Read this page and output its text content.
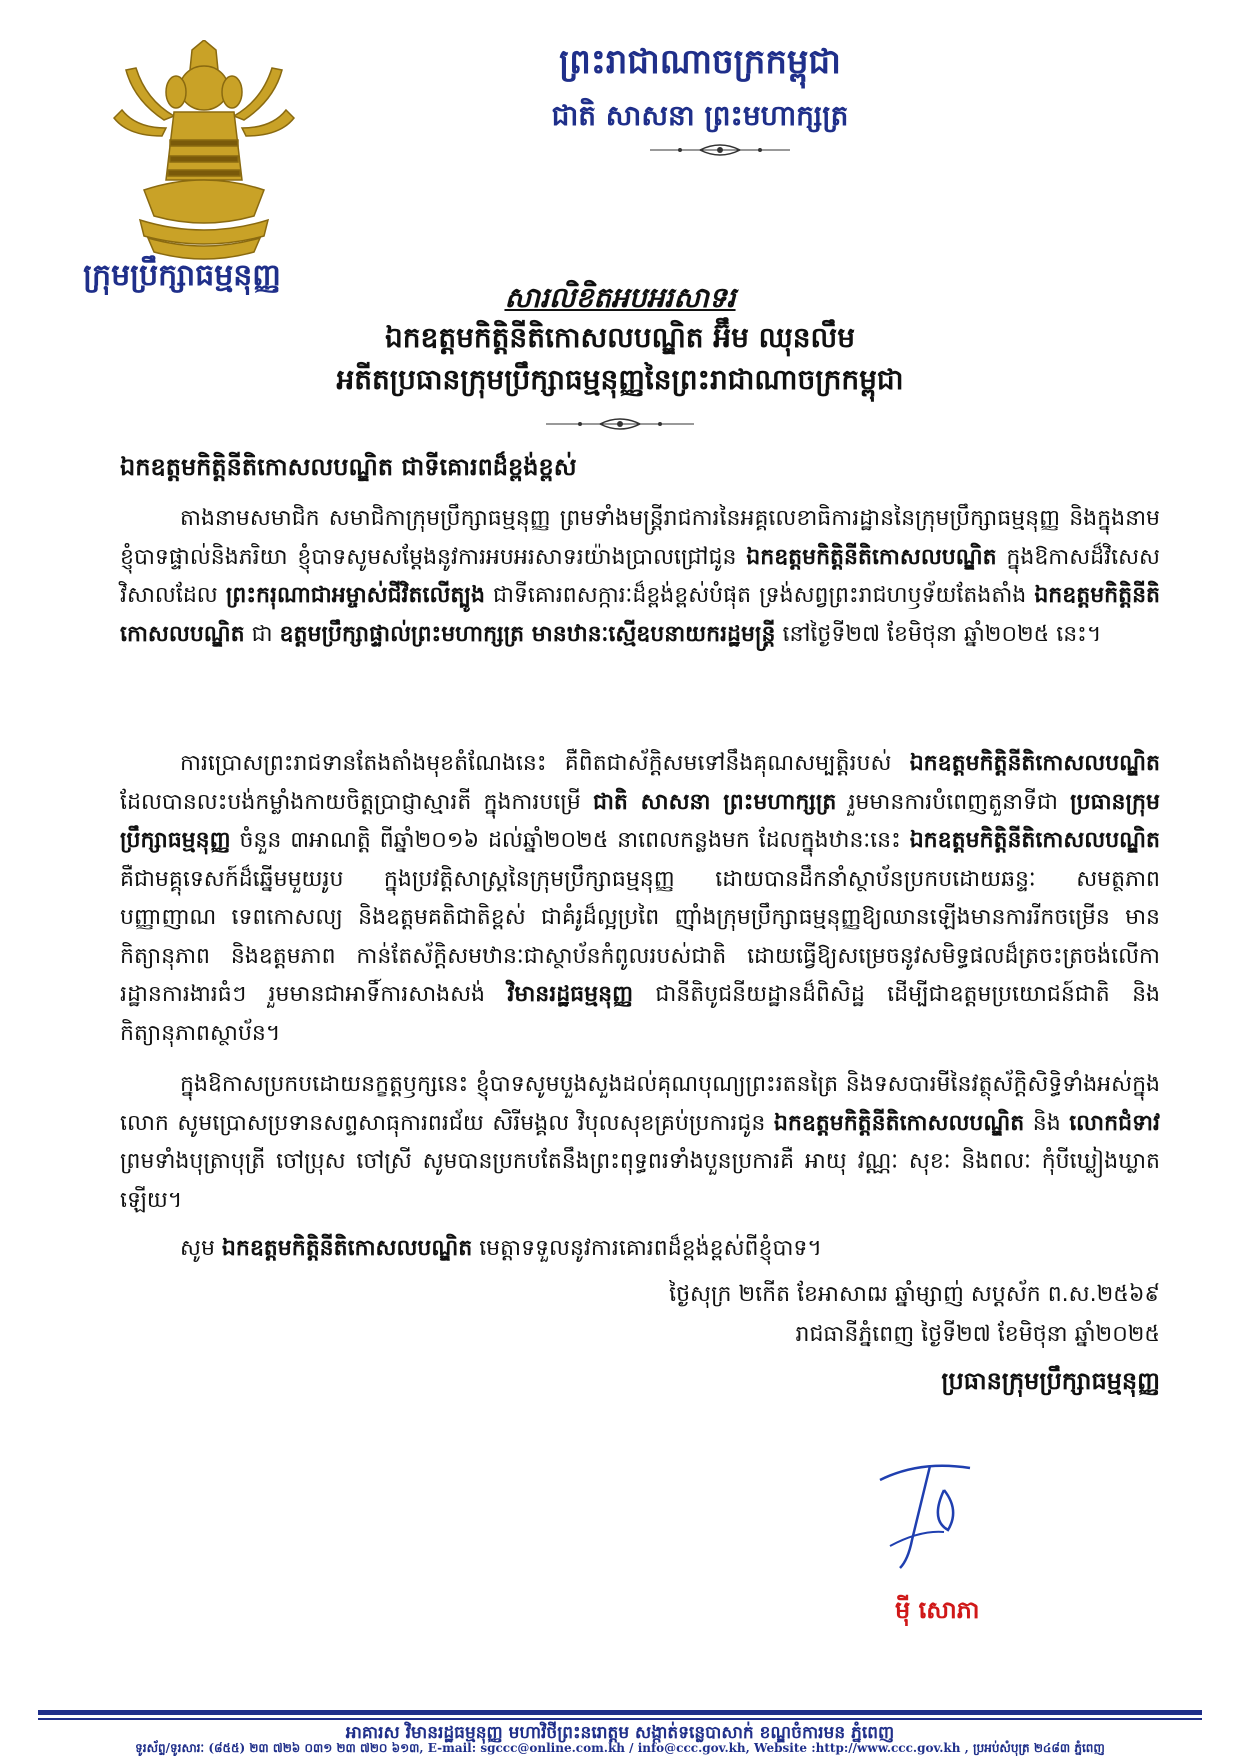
ក្រុមប្រឹក្សាធម្មនុញ្ញ
ព្រះរាជាណាចក្រកម្ពុជា
ជាតិ សាសនា ព្រះមហាក្សត្រ
សារលិខិតអបអរសាទរ
ឯកឧត្តមកិត្តិនីតិកោសលបណ្ឌិត អ៊ឹម ឈុនលឹម
អតីតប្រធានក្រុមប្រឹក្សាធម្មនុញ្ញនៃព្រះរាជាណាចក្រកម្ពុជា
ឯកឧត្តមកិត្តិនីតិកោសលបណ្ឌិត ជាទីគោរពដ៏ខ្ពង់ខ្ពស់
តាងនាមសមាជិក សមាជិកាក្រុមប្រឹក្សាធម្មនុញ្ញ ព្រមទាំងមន្ត្រីរាជការនៃអគ្គលេខាធិការដ្ឋាននៃក្រុមប្រឹក្សាធម្មនុញ្ញ និងក្នុងនាមខ្ញុំបាទផ្ទាល់និងភរិយា ខ្ញុំបាទសូមសម្ដែងនូវការអបអរសាទរយ៉ាងប្រាលជ្រៅជូន ឯកឧត្តមកិត្តិនីតិកោសលបណ្ឌិត ក្នុងឱកាសដ៏វិសេសវិសាលដែល ព្រះករុណាជាអម្ចាស់ជីវិតលើត្បូង ជាទីគោរពសក្ការៈដ៏ខ្ពង់ខ្ពស់បំផុត ទ្រង់សព្វព្រះរាជហឫទ័យតែងតាំង ឯកឧត្តមកិត្តិនីតិកោសលបណ្ឌិត ជា ឧត្តមប្រឹក្សាផ្ទាល់ព្រះមហាក្សត្រ មានឋានៈស្មើឧបនាយករដ្ឋមន្ត្រី នៅថ្ងៃទី២៧ ខែមិថុនា ឆ្នាំ២០២៥ នេះ។
ការប្រោសព្រះរាជទានតែងតាំងមុខតំណែងនេះ គឺពិតជាស័ក្តិសមទៅនឹងគុណសម្បត្តិរបស់ ឯកឧត្តមកិត្តិនីតិកោសលបណ្ឌិត ដែលបានលះបង់កម្លាំងកាយចិត្តប្រាជ្ញាស្មារតី ក្នុងការបម្រើ ជាតិ សាសនា ព្រះមហាក្សត្រ រួមមានការបំពេញតួនាទីជា ប្រធានក្រុមប្រឹក្សាធម្មនុញ្ញ ចំនួន ៣អាណត្តិ ពីឆ្នាំ២០១៦ ដល់ឆ្នាំ២០២៥ នាពេលកន្លងមក ដែលក្នុងឋានៈនេះ ឯកឧត្តមកិត្តិនីតិកោសលបណ្ឌិត គឺជាមគ្គុទេសក៍ដ៏ឆ្នើមមួយរូប ក្នុងប្រវត្តិសាស្ត្រនៃក្រុមប្រឹក្សាធម្មនុញ្ញ ដោយបានដឹកនាំស្ថាប័នប្រកបដោយឆន្ទៈ សមត្ថភាព បញ្ញាញាណ ទេពកោសល្យ និងឧត្តមគតិជាតិខ្ពស់ ជាគំរូដ៏ល្អប្រពៃ ញ៉ាំងក្រុមប្រឹក្សាធម្មនុញ្ញឱ្យឈានឡើងមានការរីកចម្រើន មានកិត្យានុភាព និងឧត្តមភាព កាន់តែស័ក្តិសមឋានៈជាស្ថាប័នកំពូលរបស់ជាតិ ដោយធ្វើឱ្យសម្រេចនូវសមិទ្ធផលដ៏ត្រចះត្រចង់លើការដ្ឋានការងារធំៗ រួមមានជាអាទិ៍ការសាងសង់ វិមានរដ្ឋធម្មនុញ្ញ ជានីតិបូជនីយដ្ឋានដ៏ពិសិដ្ឋ ដើម្បីជាឧត្តមប្រយោជន៍ជាតិ និងកិត្យានុភាពស្ថាប័ន។
ក្នុងឱកាសប្រកបដោយនក្ខត្តឫក្សនេះ ខ្ញុំបាទសូមបួងសួងដល់គុណបុណ្យព្រះរតនត្រៃ និងទសបារមីនៃវត្ថុស័ក្តិសិទ្ធិទាំងអស់ក្នុងលោក សូមប្រោសប្រទានសព្ទសាធុការពរជ័យ សិរីមង្គល វិបុលសុខគ្រប់ប្រការជូន ឯកឧត្តមកិត្តិនីតិកោសលបណ្ឌិត និង លោកជំទាវ ព្រមទាំងបុត្រាបុត្រី ចៅប្រុស ចៅស្រី សូមបានប្រកបតែនឹងព្រះពុទ្ធពរទាំងបួនប្រការគឺ អាយុ វណ្ណៈ សុខៈ និងពលៈ កុំបីឃ្លៀងឃ្លាតឡើយ។
សូម ឯកឧត្តមកិត្តិនីតិកោសលបណ្ឌិត មេត្តាទទួលនូវការគោរពដ៏ខ្ពង់ខ្ពស់ពីខ្ញុំបាទ។
ថ្ងៃសុក្រ ២កើត ខែអាសាឍ ឆ្នាំម្សាញ់ សប្តស័ក ព.ស.២៥៦៩
រាជធានីភ្នំពេញ ថ្ងៃទី២៧ ខែមិថុនា ឆ្នាំ២០២៥
ប្រធានក្រុមប្រឹក្សាធម្មនុញ្ញ
ម៉ី សោភា
អាគារស វិមានរដ្ឋធម្មនុញ្ញ មហាវិថីព្រះនរោត្តម សង្កាត់ទន្លេបាសាក់ ខណ្ឌចំការមន ភ្នំពេញ
ទូរស័ព្ទ/ទូរសារៈ (៨៥៥) ២៣ ៧២៦ ០៣១ ២៣ ៧២០ ៦១៣, E-mail: sgccc@online.com.kh / info@ccc.gov.kh, Website :http://www.ccc.gov.kh , ប្រអប់សំបុត្រ ២៤៨៣ ភ្នំពេញ
